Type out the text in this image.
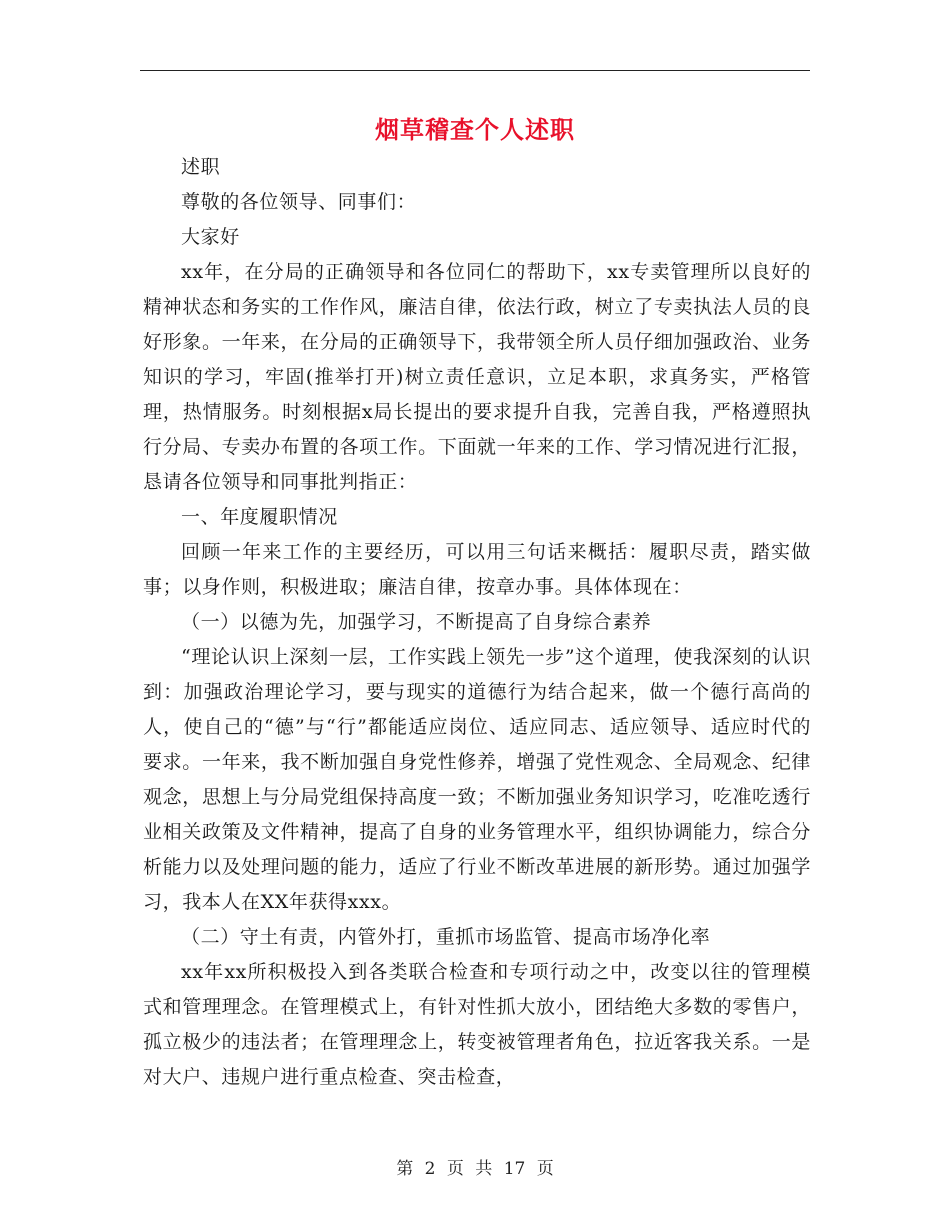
烟草稽查个人述职

述职

尊敬的各位领导、同事们：

大家好

xx年，在分局的正确领导和各位同仁的帮助下，xx专卖管理所以良好的精神状态和务实的工作作风，廉洁自律，依法行政，树立了专卖执法人员的良好形象。一年来，在分局的正确领导下，我带领全所人员仔细加强政治、业务知识的学习，牢固(推举打开)树立责任意识，立足本职，求真务实，严格管理，热情服务。时刻根据x局长提出的要求提升自我，完善自我，严格遵照执行分局、专卖办布置的各项工作。下面就一年来的工作、学习情况进行汇报，恳请各位领导和同事批判指正：

一、年度履职情况

回顾一年来工作的主要经历，可以用三句话来概括：履职尽责，踏实做事；以身作则，积极进取；廉洁自律，按章办事。具体体现在：

（一）以德为先，加强学习，不断提高了自身综合素养

“理论认识上深刻一层，工作实践上领先一步”这个道理，使我深刻的认识到：加强政治理论学习，要与现实的道德行为结合起来，做一个德行高尚的人，使自己的“德”与“行”都能适应岗位、适应同志、适应领导、适应时代的要求。一年来，我不断加强自身党性修养，增强了党性观念、全局观念、纪律观念，思想上与分局党组保持高度一致；不断加强业务知识学习，吃准吃透行业相关政策及文件精神，提高了自身的业务管理水平，组织协调能力，综合分析能力以及处理问题的能力，适应了行业不断改革进展的新形势。通过加强学习，我本人在XX年获得xxx。

（二）守土有责，内管外打，重抓市场监管、提高市场净化率

xx年xx所积极投入到各类联合检查和专项行动之中，改变以往的管理模式和管理理念。在管理模式上，有针对性抓大放小，团结绝大多数的零售户，孤立极少的违法者；在管理理念上，转变被管理者角色，拉近客我关系。一是对大户、违规户进行重点检查、突击检查，

第 2 页 共 17 页
